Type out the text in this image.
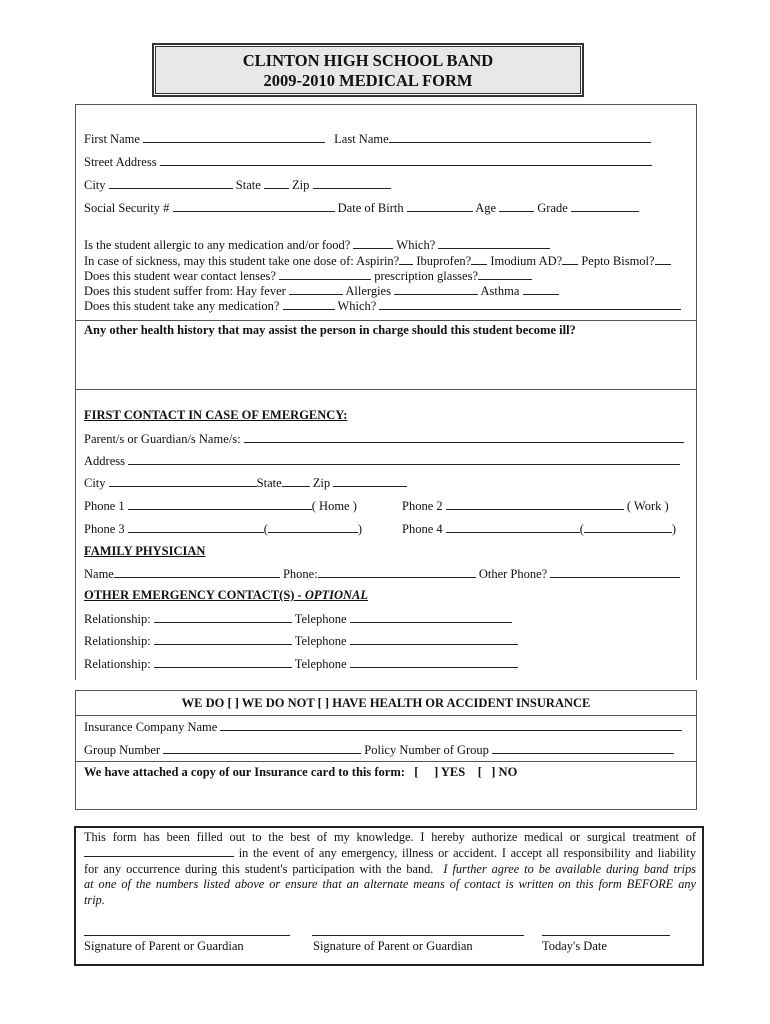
CLINTON HIGH SCHOOL BAND
2009-2010 MEDICAL FORM
First Name	Last Name
Street Address
City	State	Zip
Social Security #	Date of Birth	Age	Grade
Is the student allergic to any medication and/or food?	Which?
In case of sickness, may this student take one dose of: Aspirin? Ibuprofen? Imodium AD? Pepto Bismol?
Does this student wear contact lenses?	prescription glasses?
Does this student suffer from: Hay fever	Allergies	Asthma
Does this student take any medication?	Which?
Any other health history that may assist the person in charge should this student become ill?
FIRST CONTACT IN CASE OF EMERGENCY:
Parent/s or Guardian/s Name/s:
Address
City	State Zip
Phone 1	( Home )	Phone 2	( Work )
Phone 3	(	)	Phone 4	(	)
FAMILY PHYSICIAN
Name	Phone:	Other Phone?
OTHER EMERGENCY CONTACT(S) - OPTIONAL
Relationship:	Telephone
Relationship:	Telephone
Relationship:	Telephone
WE DO [ ] WE DO NOT [ ] HAVE HEALTH OR ACCIDENT INSURANCE
Insurance Company Name
Group Number	Policy Number of Group
We have attached a copy of our Insurance card to this form:   [     ] YES    [   ] NO
This form has been filled out to the best of my knowledge. I hereby authorize medical or surgical treatment of
in the event of any emergency, illness or accident. I accept all responsibility and liability
for any occurrence during this student's participation with the band. I further agree to be available during band trips
at one of the numbers listed above or ensure that an alternate means of contact is written on this form BEFORE any
trip.
Signature of Parent or Guardian	Signature of Parent or Guardian	Today's Date
